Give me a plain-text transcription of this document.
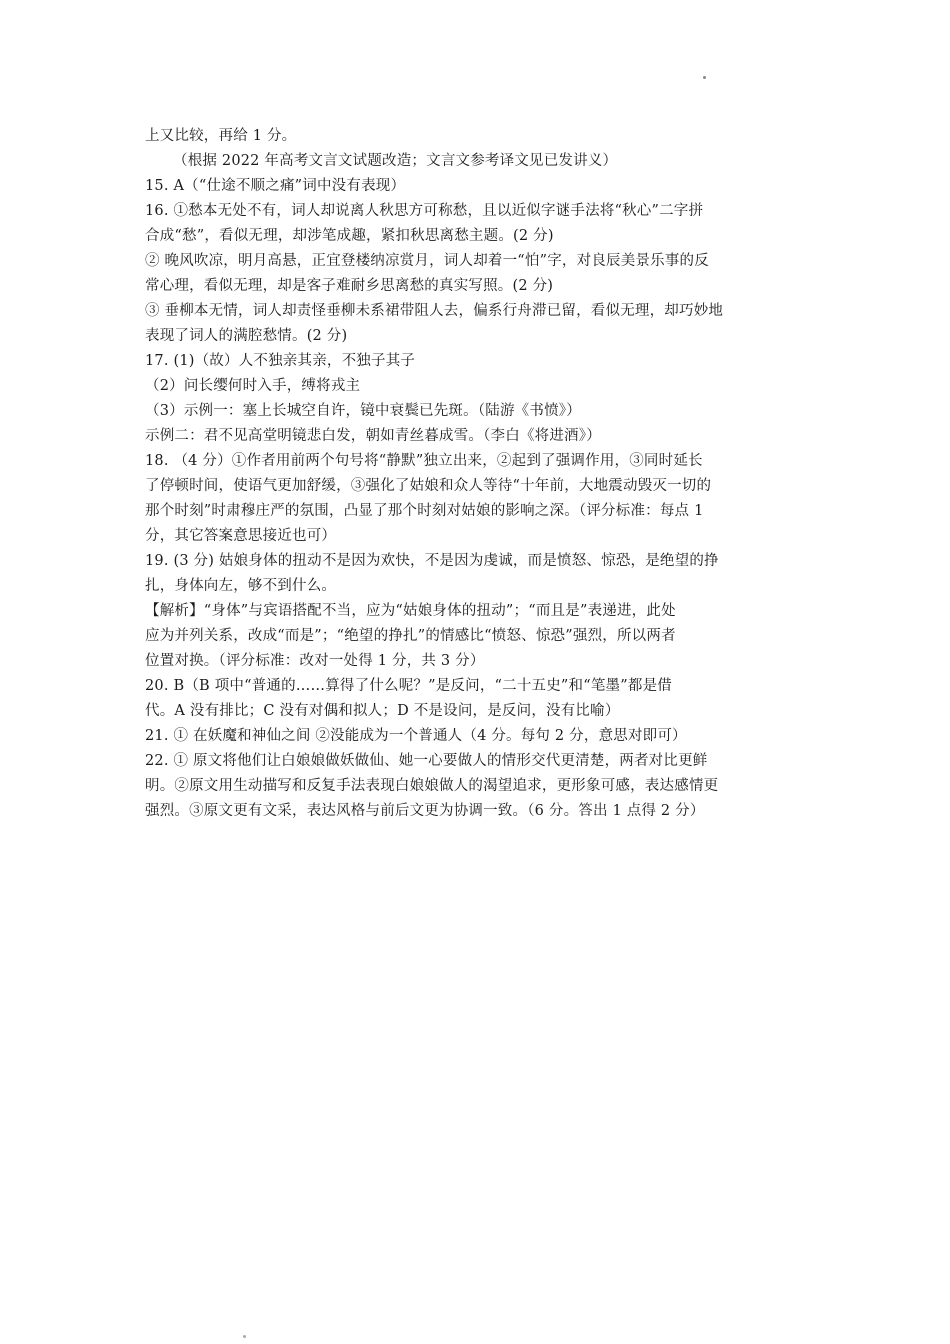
上又比较，再给 1 分。
（根据 2022 年高考文言文试题改造；文言文参考译文见已发讲义）
15. A（“仕途不顺之痛”词中没有表现）
16. ①愁本无处不有，词人却说离人秋思方可称愁，且以近似字谜手法将“秋心”二字拼
合成“愁”，看似无理，却涉笔成趣，紧扣秋思离愁主题。(2 分)
② 晚风吹凉，明月高悬，正宜登楼纳凉赏月，词人却着一“怕”字，对良辰美景乐事的反
常心理，看似无理，却是客子难耐乡思离愁的真实写照。(2 分)
③ 垂柳本无情，词人却责怪垂柳未系裙带阻人去，偏系行舟滞已留，看似无理，却巧妙地
表现了词人的满腔愁情。(2 分)
17. (1)（故）人不独亲其亲，不独子其子
（2）问长缨何时入手，缚将戎主
（3）示例一：塞上长城空自许，镜中衰鬓已先斑。（陆游《书愤》）
示例二：君不见高堂明镜悲白发，朝如青丝暮成雪。（李白《将进酒》）
18. （4 分）①作者用前两个句号将“静默”独立出来，②起到了强调作用，③同时延长
了停顿时间，使语气更加舒缓，③强化了姑娘和众人等待“十年前，大地震动毁灭一切的
那个时刻”时肃穆庄严的氛围，凸显了那个时刻对姑娘的影响之深。（评分标准：每点 1
分，其它答案意思接近也可）
19. (3 分) 姑娘身体的扭动不是因为欢快，不是因为虔诚，而是愤怒、惊恐，是绝望的挣
扎，身体向左，够不到什么。
【解析】“身体”与宾语搭配不当，应为“姑娘身体的扭动”；“而且是”表递进，此处
应为并列关系，改成“而是”；“绝望的挣扎”的情感比“愤怒、惊恐”强烈，所以两者
位置对换。（评分标准：改对一处得 1 分，共 3 分）
20. B（B 项中“普通的……算得了什么呢？”是反问，“二十五史”和“笔墨”都是借
代。A 没有排比；C 没有对偶和拟人；D 不是设问，是反问，没有比喻）
21. ① 在妖魔和神仙之间 ②没能成为一个普通人（4 分。每句 2 分，意思对即可）
22. ① 原文将他们让白娘娘做妖做仙、她一心要做人的情形交代更清楚，两者对比更鲜
明。②原文用生动描写和反复手法表现白娘娘做人的渴望追求，更形象可感，表达感情更
强烈。③原文更有文采，表达风格与前后文更为协调一致。（6 分。答出 1 点得 2 分）
